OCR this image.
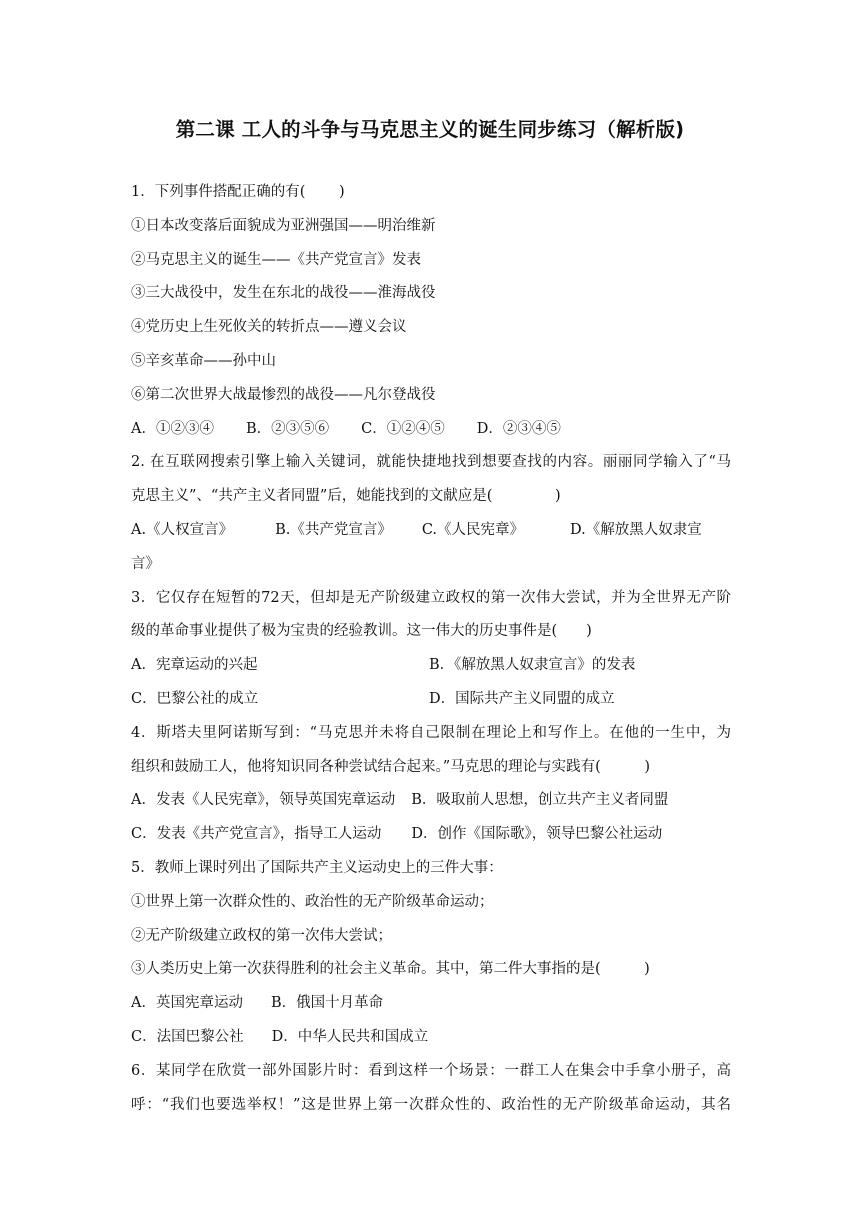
第二课 工人的斗争与马克思主义的诞生同步练习（解析版)
1．下列事件搭配正确的有(　　 )
①日本改变落后面貌成为亚洲强国——明治维新
②马克思主义的诞生——《共产党宣言》发表
③三大战役中，发生在东北的战役——淮海战役
④党历史上生死攸关的转折点——遵义会议
⑤辛亥革命——孙中山
⑥第二次世界大战最惨烈的战役——凡尔登战役
A．①②③④ B．②③⑤⑥ C．①②④⑤ D．②③④⑤
2. 在互联网搜索引擎上输入关键词，就能快捷地找到想要查找的内容。丽丽同学输入了“马
克思主义”、“共产主义者同盟”后，她能找到的文献应是(　　　　 )
A.《人权宣言》	B.《共产党宣言》 C.《人民宪章》	D.《解放黑人奴隶宣
言》
3．它仅存在短暂的72天，但却是无产阶级建立政权的第一次伟大尝试，并为全世界无产阶
级的革命事业提供了极为宝贵的经验教训。这一伟大的历史事件是(　　)
A．宪章运动的兴起	B．《解放黑人奴隶宣言》的发表
C．巴黎公社的成立	D．国际共产主义同盟的成立
4．斯塔夫里阿诺斯写到：“马克思并未将自己限制在理论上和写作上。在他的一生中，为
组织和鼓励工人，他将知识同各种尝试结合起来。”马克思的理论与实践有(　　　)
A．发表《人民宪章》，领导英国宪章运动 B．吸取前人思想，创立共产主义者同盟
C．发表《共产党宣言》，指导工人运动 D．创作《国际歌》，领导巴黎公社运动
5．教师上课时列出了国际共产主义运动史上的三件大事：
①世界上第一次群众性的、政治性的无产阶级革命运动；
②无产阶级建立政权的第一次伟大尝试；
③人类历史上第一次获得胜利的社会主义革命。其中，第二件大事指的是(　　　)
A．英国宪章运动 B．俄国十月革命
C．法国巴黎公社 D．中华人民共和国成立
6．某同学在欣赏一部外国影片时：看到这样一个场景：一群工人在集会中手拿小册子，高
呼：“我们也要选举权！”这是世界上第一次群众性的、政治性的无产阶级革命运动，其名
